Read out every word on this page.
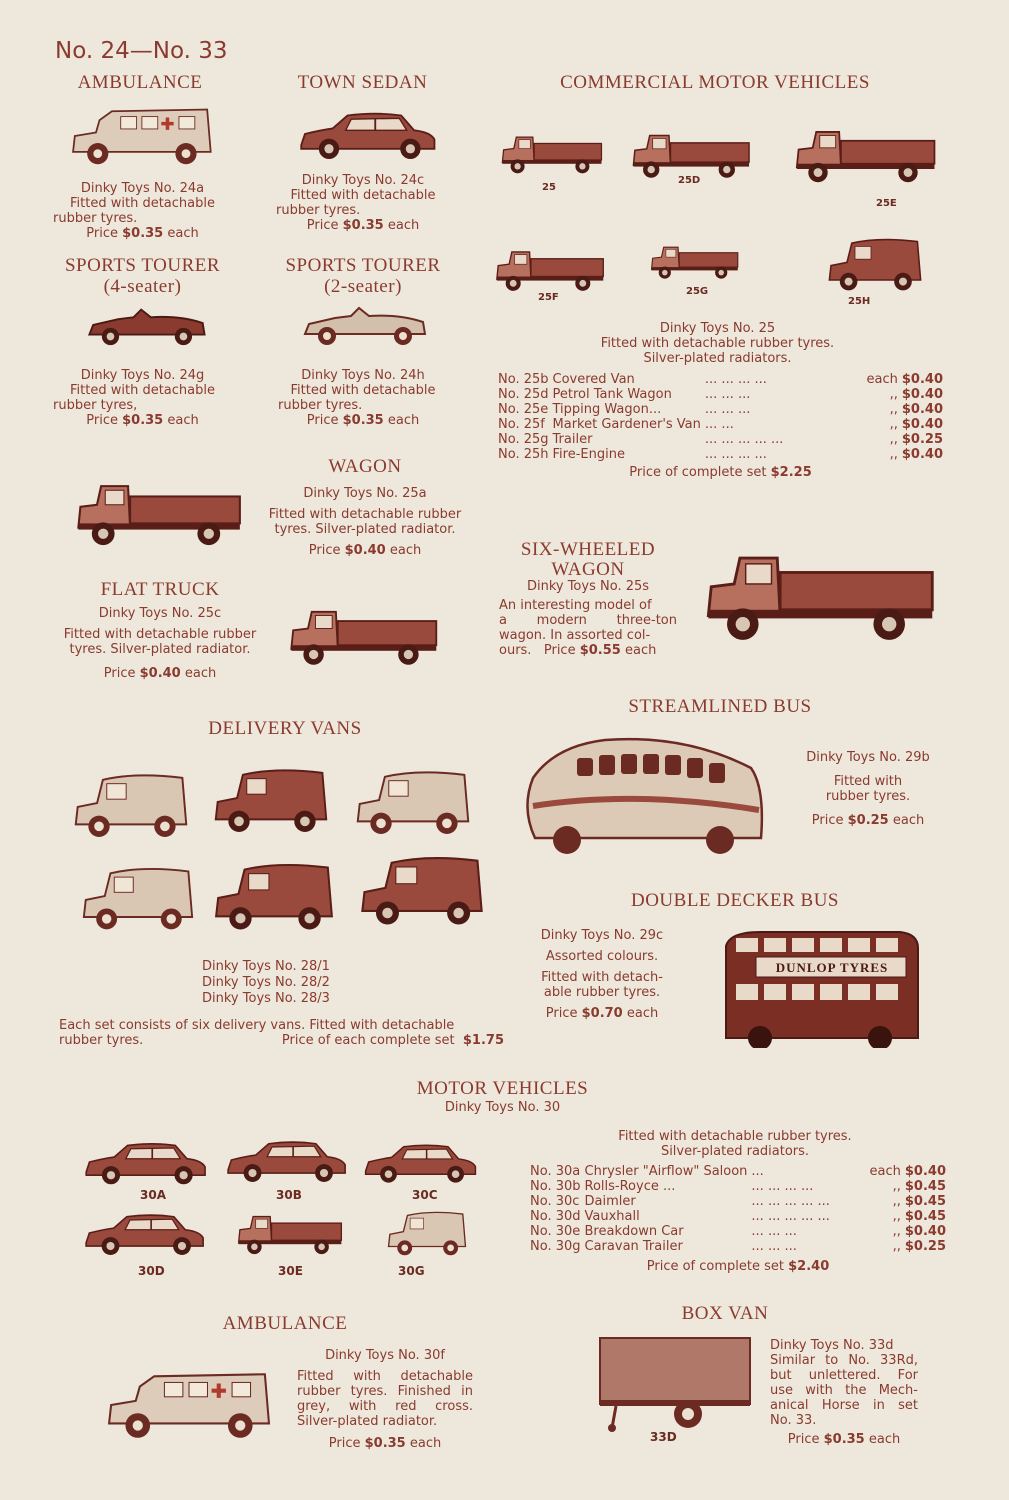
No. 24—No. 33
AMBULANCE
Dinky Toys No. 24a
Fitted with detachable
rubber tyres.
Price $0.35 each
TOWN SEDAN
Dinky Toys No. 24c
Fitted with detachable
rubber tyres.
Price $0.35 each
SPORTS TOURER
(4-seater)
Dinky Toys No. 24g
Fitted with detachable
rubber tyres,
Price $0.35 each
SPORTS TOURER
(2-seater)
Dinky Toys No. 24h
Fitted with detachable
rubber tyres.
Price $0.35 each
COMMERCIAL MOTOR VEHICLES
25
25D
25E
25F
25G
25H
Dinky Toys No. 25
Fitted with detachable rubber tyres.
Silver-plated radiators.
No. 25b	Covered Van	... ... ... ...	each	$0.40
No. 25d	Petrol Tank Wagon	... ... ...	,,	$0.40
No. 25e	Tipping Wagon...	... ... ...	,,	$0.40
No. 25f	Market Gardener's Van	... ...	,,	$0.40
No. 25g	Trailer	... ... ... ... ...	,,	$0.25
No. 25h	Fire-Engine	... ... ... ...	,,	$0.40
Price of complete set $2.25
WAGON
Dinky Toys No. 25a
Fitted with detachable rubber
tyres. Silver-plated radiator.
Price $0.40 each	SIX-WHEELED
WAGON
Dinky Toys No. 25s
An interesting model of
a modern three-ton
wagon. In assorted col-
ours. Price $0.55 each
FLAT TRUCK
Dinky Toys No. 25c
Fitted with detachable rubber
tyres. Silver-plated radiator.
Price $0.40 each
STREAMLINED BUS
Dinky Toys No. 29b
Fitted with
rubber tyres.
Price $0.25 each
DELIVERY VANS
Dinky Toys No. 28/1
Dinky Toys No. 28/2
Dinky Toys No. 28/3
Each set consists of six delivery vans. Fitted with detachable
rubber tyres.	Price of each complete set $1.75
DOUBLE DECKER BUS
Dinky Toys No. 29c
Assorted colours.
Fitted with detach-
able rubber tyres.
Price $0.70 each
DUNLOP TYRES
MOTOR VEHICLES
Dinky Toys No. 30
30A	30B	30C
30D	30E	30G
Fitted with detachable rubber tyres.
Silver-plated radiators.
No. 30a	Chrysler "Airflow" Saloon	...	each	$0.40
No. 30b	Rolls-Royce ...	... ... ... ...	,,	$0.45
No. 30c	Daimler	... ... ... ... ...	,,	$0.45
No. 30d	Vauxhall	... ... ... ... ...	,,	$0.45
No. 30e	Breakdown Car	... ... ...	,,	$0.40
No. 30g	Caravan Trailer	... ... ...	,,	$0.25
Price of complete set $2.40
AMBULANCE
Dinky Toys No. 30f
Fitted with detachable
rubber tyres. Finished in
grey, with red cross.
Silver-plated radiator.
Price $0.35 each
BOX VAN
33D
Dinky Toys No. 33d
Similar to No. 33Rd,
but unlettered. For
use with the Mech-
anical Horse in set
No. 33.
Price $0.35 each
